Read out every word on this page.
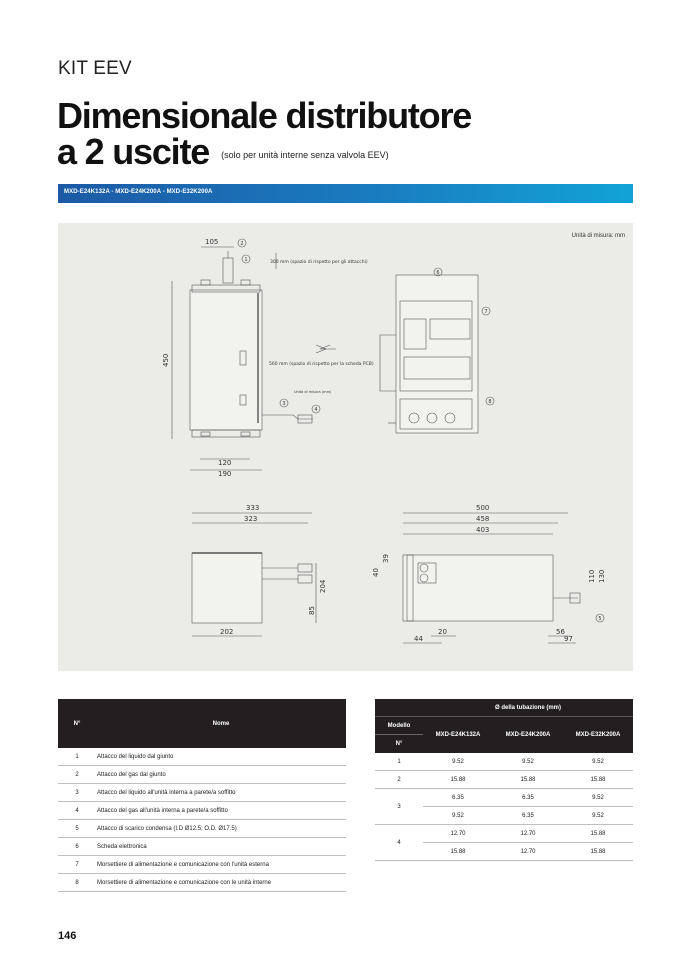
KIT EEV
Dimensionale distributore
a 2 uscite (solo per unità interne senza valvola EEV)
MXD-E24K132A - MXD-E24K200A - MXD-E32K200A
Unità di misura: mm
105
450
120
190
300 mm (spazio di rispetto per gli attacchi)
560 mm (spazio di rispetto per la scheda PCB)
Unità di misura (mm)
333
323
202
204
85
500
458
403
20
44
56
97
110 130
40
39
1
2
3
4
5
6
7
8
N°	Nome
1	Attacco del liquido dal giunto
2	Attacco del gas dal giunto
3	Attacco del liquido all'unità interna a parete/a soffitto
4	Attacco del gas all'unità interna a parete/a soffitto
5	Attacco di scarico condensa (I.D Ø12.5; O.D. Ø17.5)
6	Scheda elettronica
7	Morsettiere di alimentazione e comunicazione con l'unità esterna
8	Morsettiere di alimentazione e comunicazione con le unità interne
	Ø della tubazione (mm)		
Modello	MXD-E24K132A	MXD-E24K200A	MXD-E32K200A
N°			
1	9.52	9.52	9.52
2	15.88	15.88	15.88
3	6.35	6.35	9.52
	9.52	6.35	9.52
4	12.70	12.70	15.88
	15.88	12.70	15.88
146
